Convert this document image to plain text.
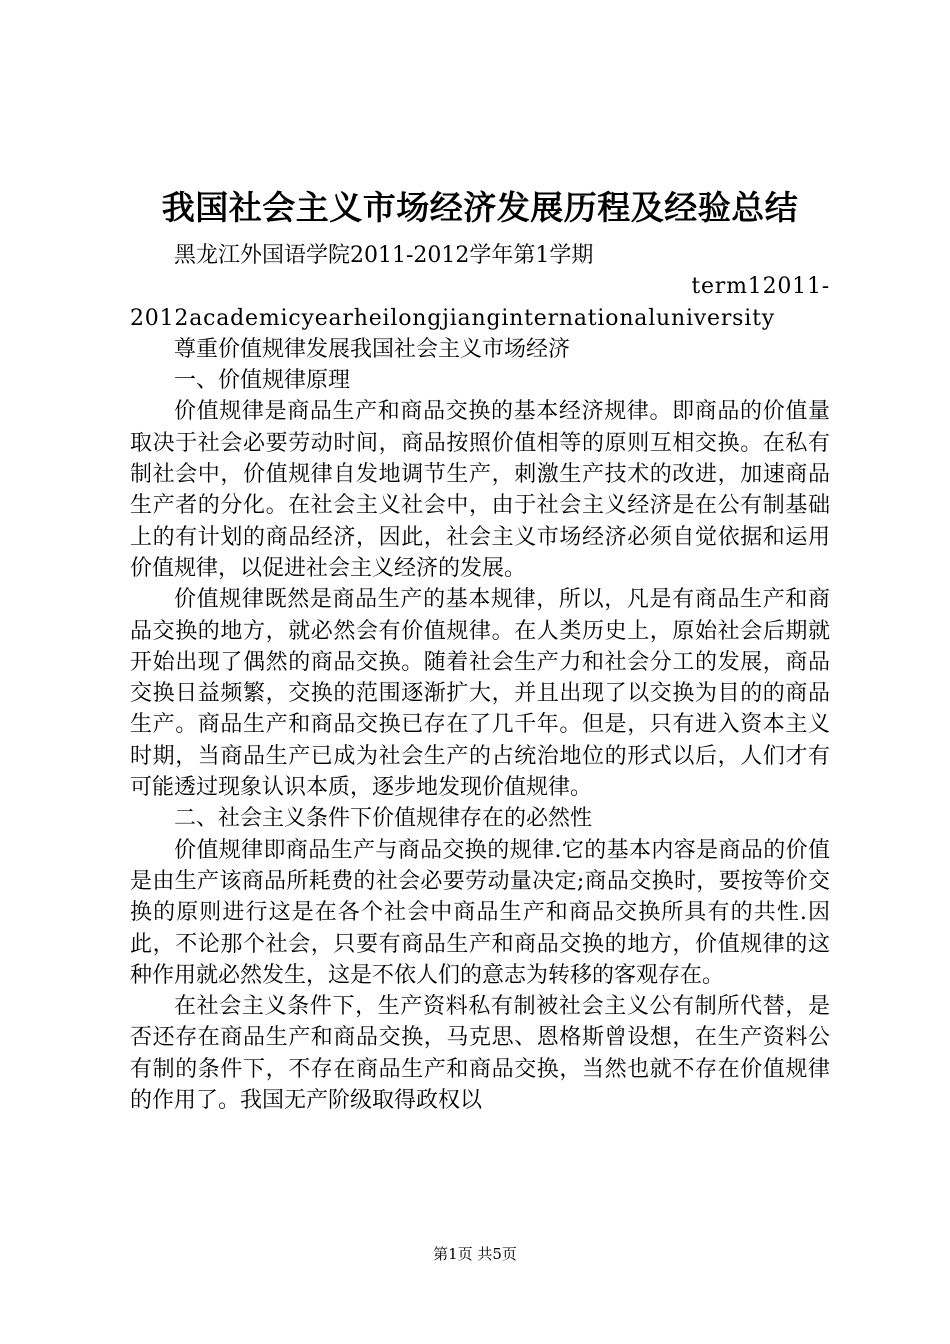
我国社会主义市场经济发展历程及经验总结

黑龙江外国语学院2011-2012学年第1学期

term12011-

2012academicyearheilongjianginternationaluniversity

尊重价值规律发展我国社会主义市场经济

一、价值规律原理

价值规律是商品生产和商品交换的基本经济规律。即商品的价值量取决于社会必要劳动时间，商品按照价值相等的原则互相交换。在私有制社会中，价值规律自发地调节生产，刺激生产技术的改进，加速商品生产者的分化。在社会主义社会中，由于社会主义经济是在公有制基础上的有计划的商品经济，因此，社会主义市场经济必须自觉依据和运用价值规律，以促进社会主义经济的发展。

价值规律既然是商品生产的基本规律，所以，凡是有商品生产和商品交换的地方，就必然会有价值规律。在人类历史上，原始社会后期就开始出现了偶然的商品交换。随着社会生产力和社会分工的发展，商品交换日益频繁，交换的范围逐渐扩大，并且出现了以交换为目的的商品生产。商品生产和商品交换已存在了几千年。但是，只有进入资本主义时期，当商品生产已成为社会生产的占统治地位的形式以后，人们才有可能透过现象认识本质，逐步地发现价值规律。

二、社会主义条件下价值规律存在的必然性

价值规律即商品生产与商品交换的规律.它的基本内容是商品的价值是由生产该商品所耗费的社会必要劳动量决定;商品交换时，要按等价交换的原则进行这是在各个社会中商品生产和商品交换所具有的共性.因此，不论那个社会，只要有商品生产和商品交换的地方，价值规律的这种作用就必然发生，这是不依人们的意志为转移的客观存在。

在社会主义条件下，生产资料私有制被社会主义公有制所代替，是否还存在商品生产和商品交换，马克思、恩格斯曾设想，在生产资料公有制的条件下，不存在商品生产和商品交换，当然也就不存在价值规律的作用了。我国无产阶级取得政权以

第1页 共5页
